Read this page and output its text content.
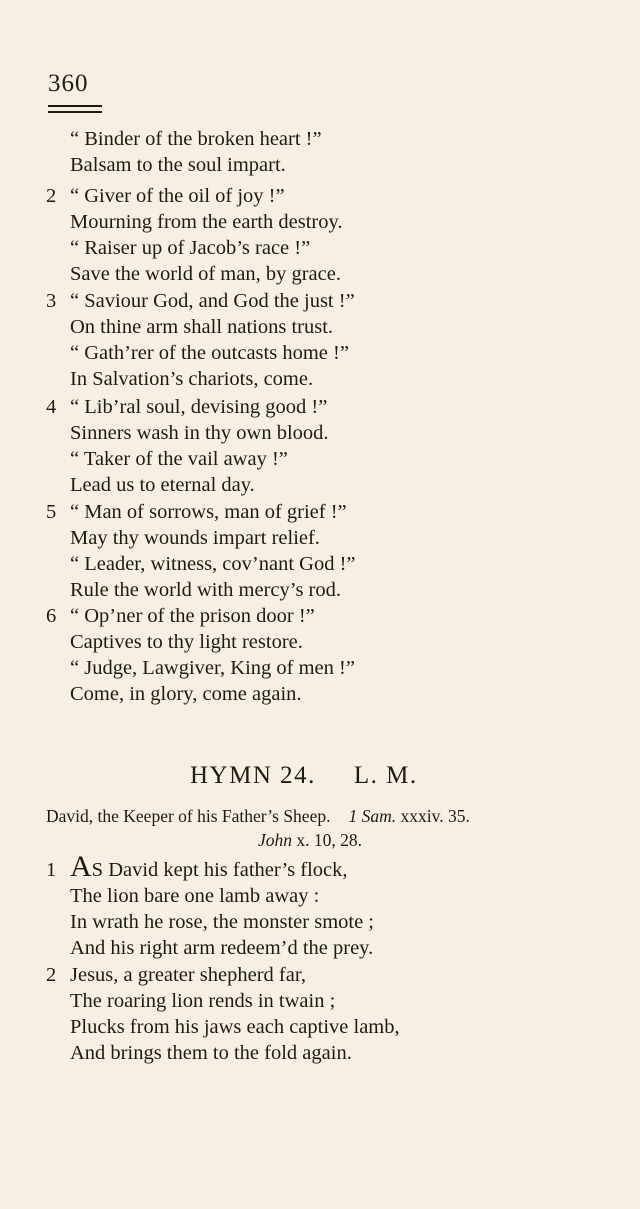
360
“ Binder of the broken heart !”
Balsam to the soul impart.
2 “ Giver of the oil of joy !”
Mourning from the earth destroy.
“ Raiser up of Jacob’s race !”
Save the world of man, by grace.
3 “ Saviour God, and God the just !”
On thine arm shall nations trust.
“ Gath’rer of the outcasts home !”
In Salvation’s chariots, come.
4 “ Lib’ral soul, devising good !”
Sinners wash in thy own blood.
“ Taker of the vail away !”
Lead us to eternal day.
5 “ Man of sorrows, man of grief !”
May thy wounds impart relief.
“ Leader, witness, cov’nant God !”
Rule the world with mercy’s rod.
6 “ Op’ner of the prison door !”
Captives to thy light restore.
“ Judge, Lawgiver, King of men !”
Come, in glory, come again.
HYMN 24. L. M.
David, the Keeper of his Father’s Sheep. 1 Sam. xxxiv. 35.
John x. 10, 28.
1 AS David kept his father’s flock,
The lion bare one lamb away :
In wrath he rose, the monster smote ;
And his right arm redeem’d the prey.
2 Jesus, a greater shepherd far,
The roaring lion rends in twain ;
Plucks from his jaws each captive lamb,
And brings them to the fold again.
